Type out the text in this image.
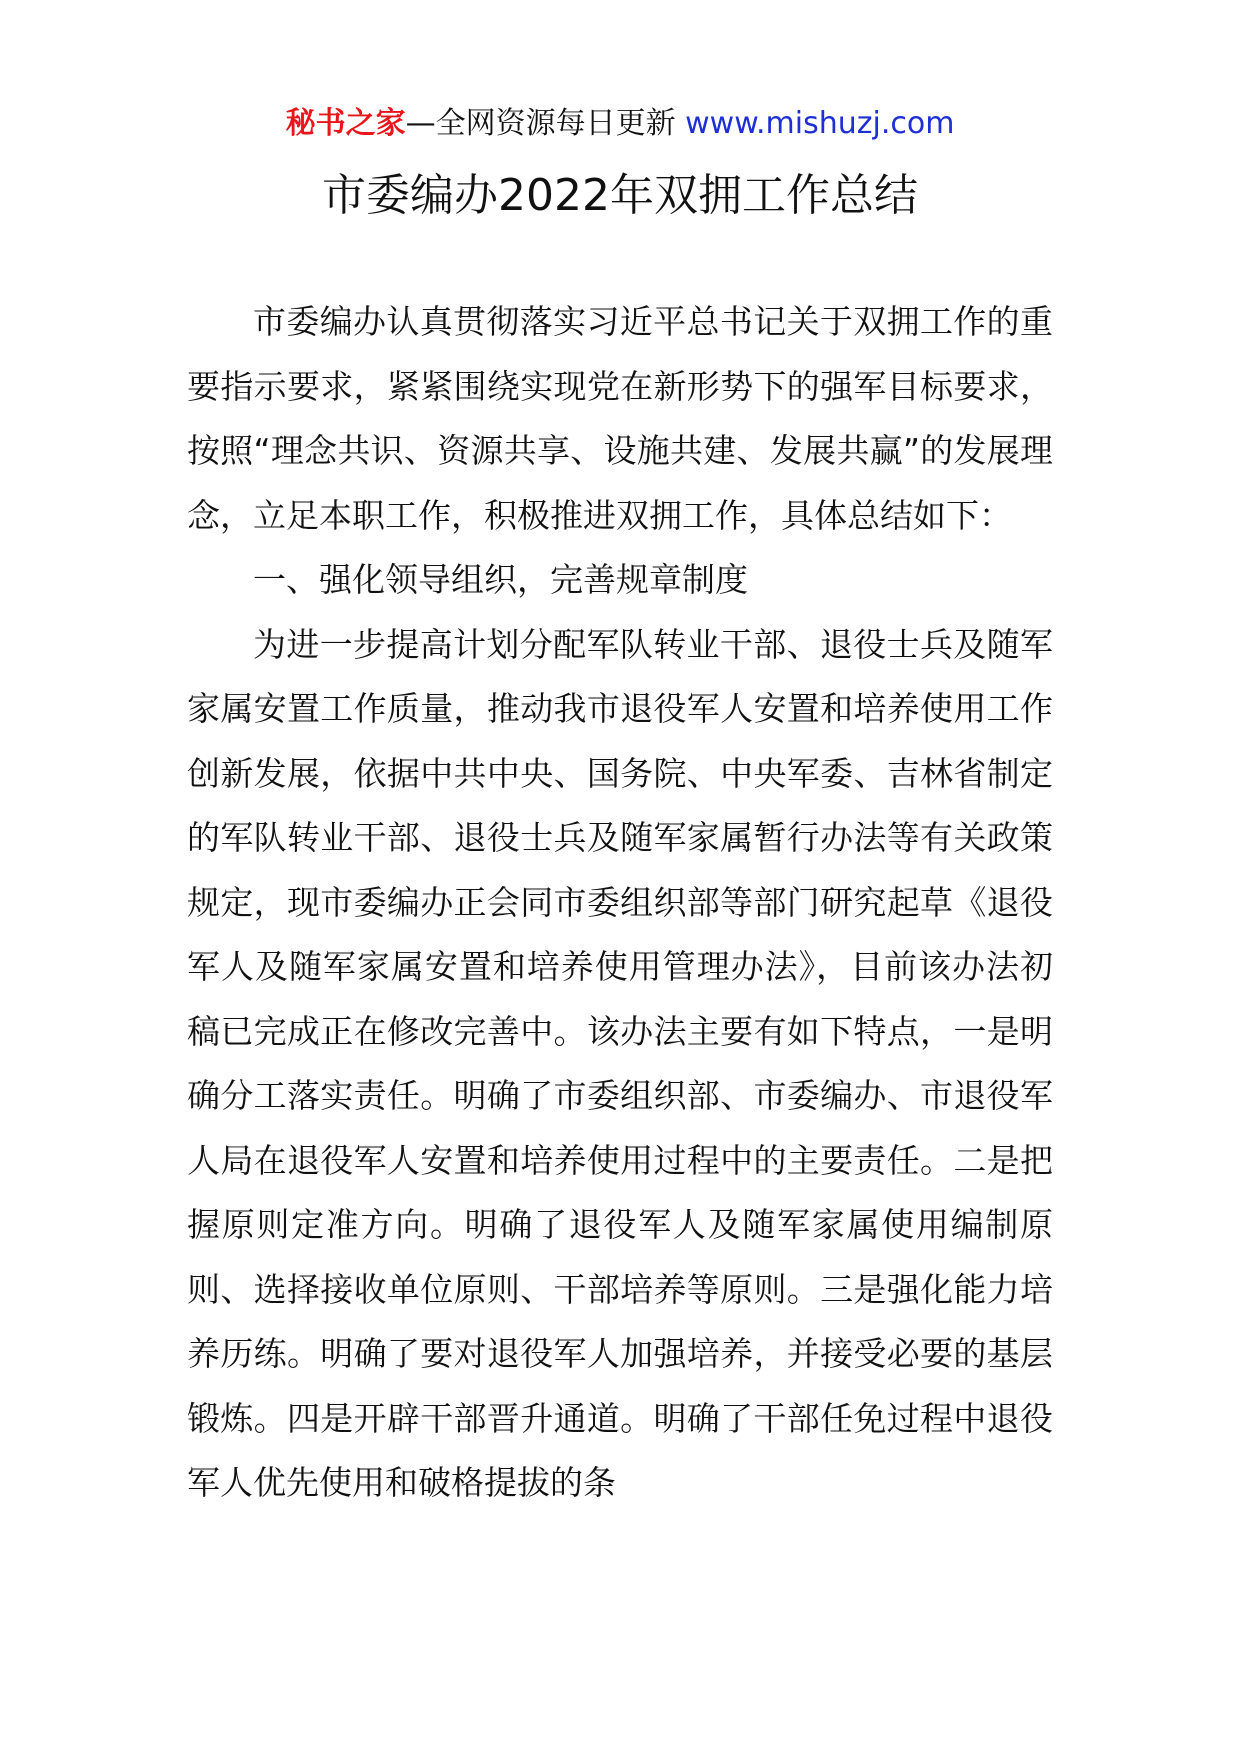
秘书之家—全网资源每日更新 www.mishuzj.com
市委编办2022年双拥工作总结

市委编办认真贯彻落实习近平总书记关于双拥工作的重要指示要求，紧紧围绕实现党在新形势下的强军目标要求，按照“理念共识、资源共享、设施共建、发展共赢”的发展理念，立足本职工作，积极推进双拥工作，具体总结如下：

一、强化领导组织，完善规章制度

为进一步提高计划分配军队转业干部、退役士兵及随军家属安置工作质量，推动我市退役军人安置和培养使用工作创新发展，依据中共中央、国务院、中央军委、吉林省制定的军队转业干部、退役士兵及随军家属暂行办法等有关政策规定，现市委编办正会同市委组织部等部门研究起草《退役军人及随军家属安置和培养使用管理办法》，目前该办法初稿已完成正在修改完善中。该办法主要有如下特点，一是明确分工落实责任。明确了市委组织部、市委编办、市退役军人局在退役军人安置和培养使用过程中的主要责任。二是把握原则定准方向。明确了退役军人及随军家属使用编制原则、选择接收单位原则、干部培养等原则。三是强化能力培养历练。明确了要对退役军人加强培养，并接受必要的基层锻炼。四是开辟干部晋升通道。明确了干部任免过程中退役军人优先使用和破格提拔的条
